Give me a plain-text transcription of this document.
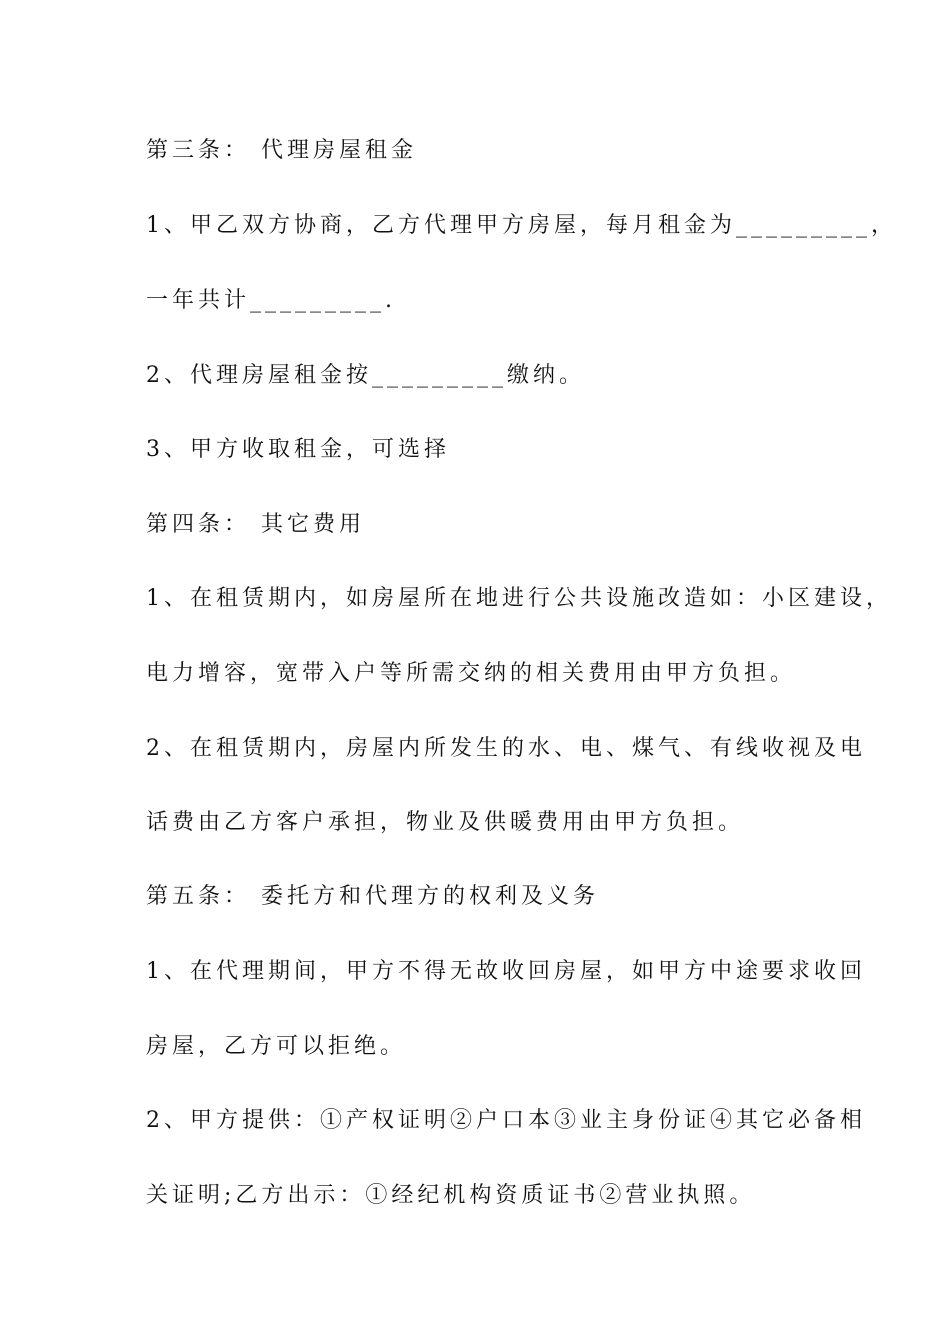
第三条： 代理房屋租金

1、甲乙双方协商，乙方代理甲方房屋，每月租金为_________，

一年共计_________.

2、代理房屋租金按_________缴纳。

3、甲方收取租金，可选择

第四条： 其它费用

1、在租赁期内，如房屋所在地进行公共设施改造如：小区建设，

电力增容，宽带入户等所需交纳的相关费用由甲方负担。

2、在租赁期内，房屋内所发生的水、电、煤气、有线收视及电

话费由乙方客户承担，物业及供暖费用由甲方负担。

第五条： 委托方和代理方的权利及义务

1、在代理期间，甲方不得无故收回房屋，如甲方中途要求收回

房屋，乙方可以拒绝。

2、甲方提供：①产权证明②户口本③业主身份证④其它必备相

关证明;乙方出示：①经纪机构资质证书②营业执照。
